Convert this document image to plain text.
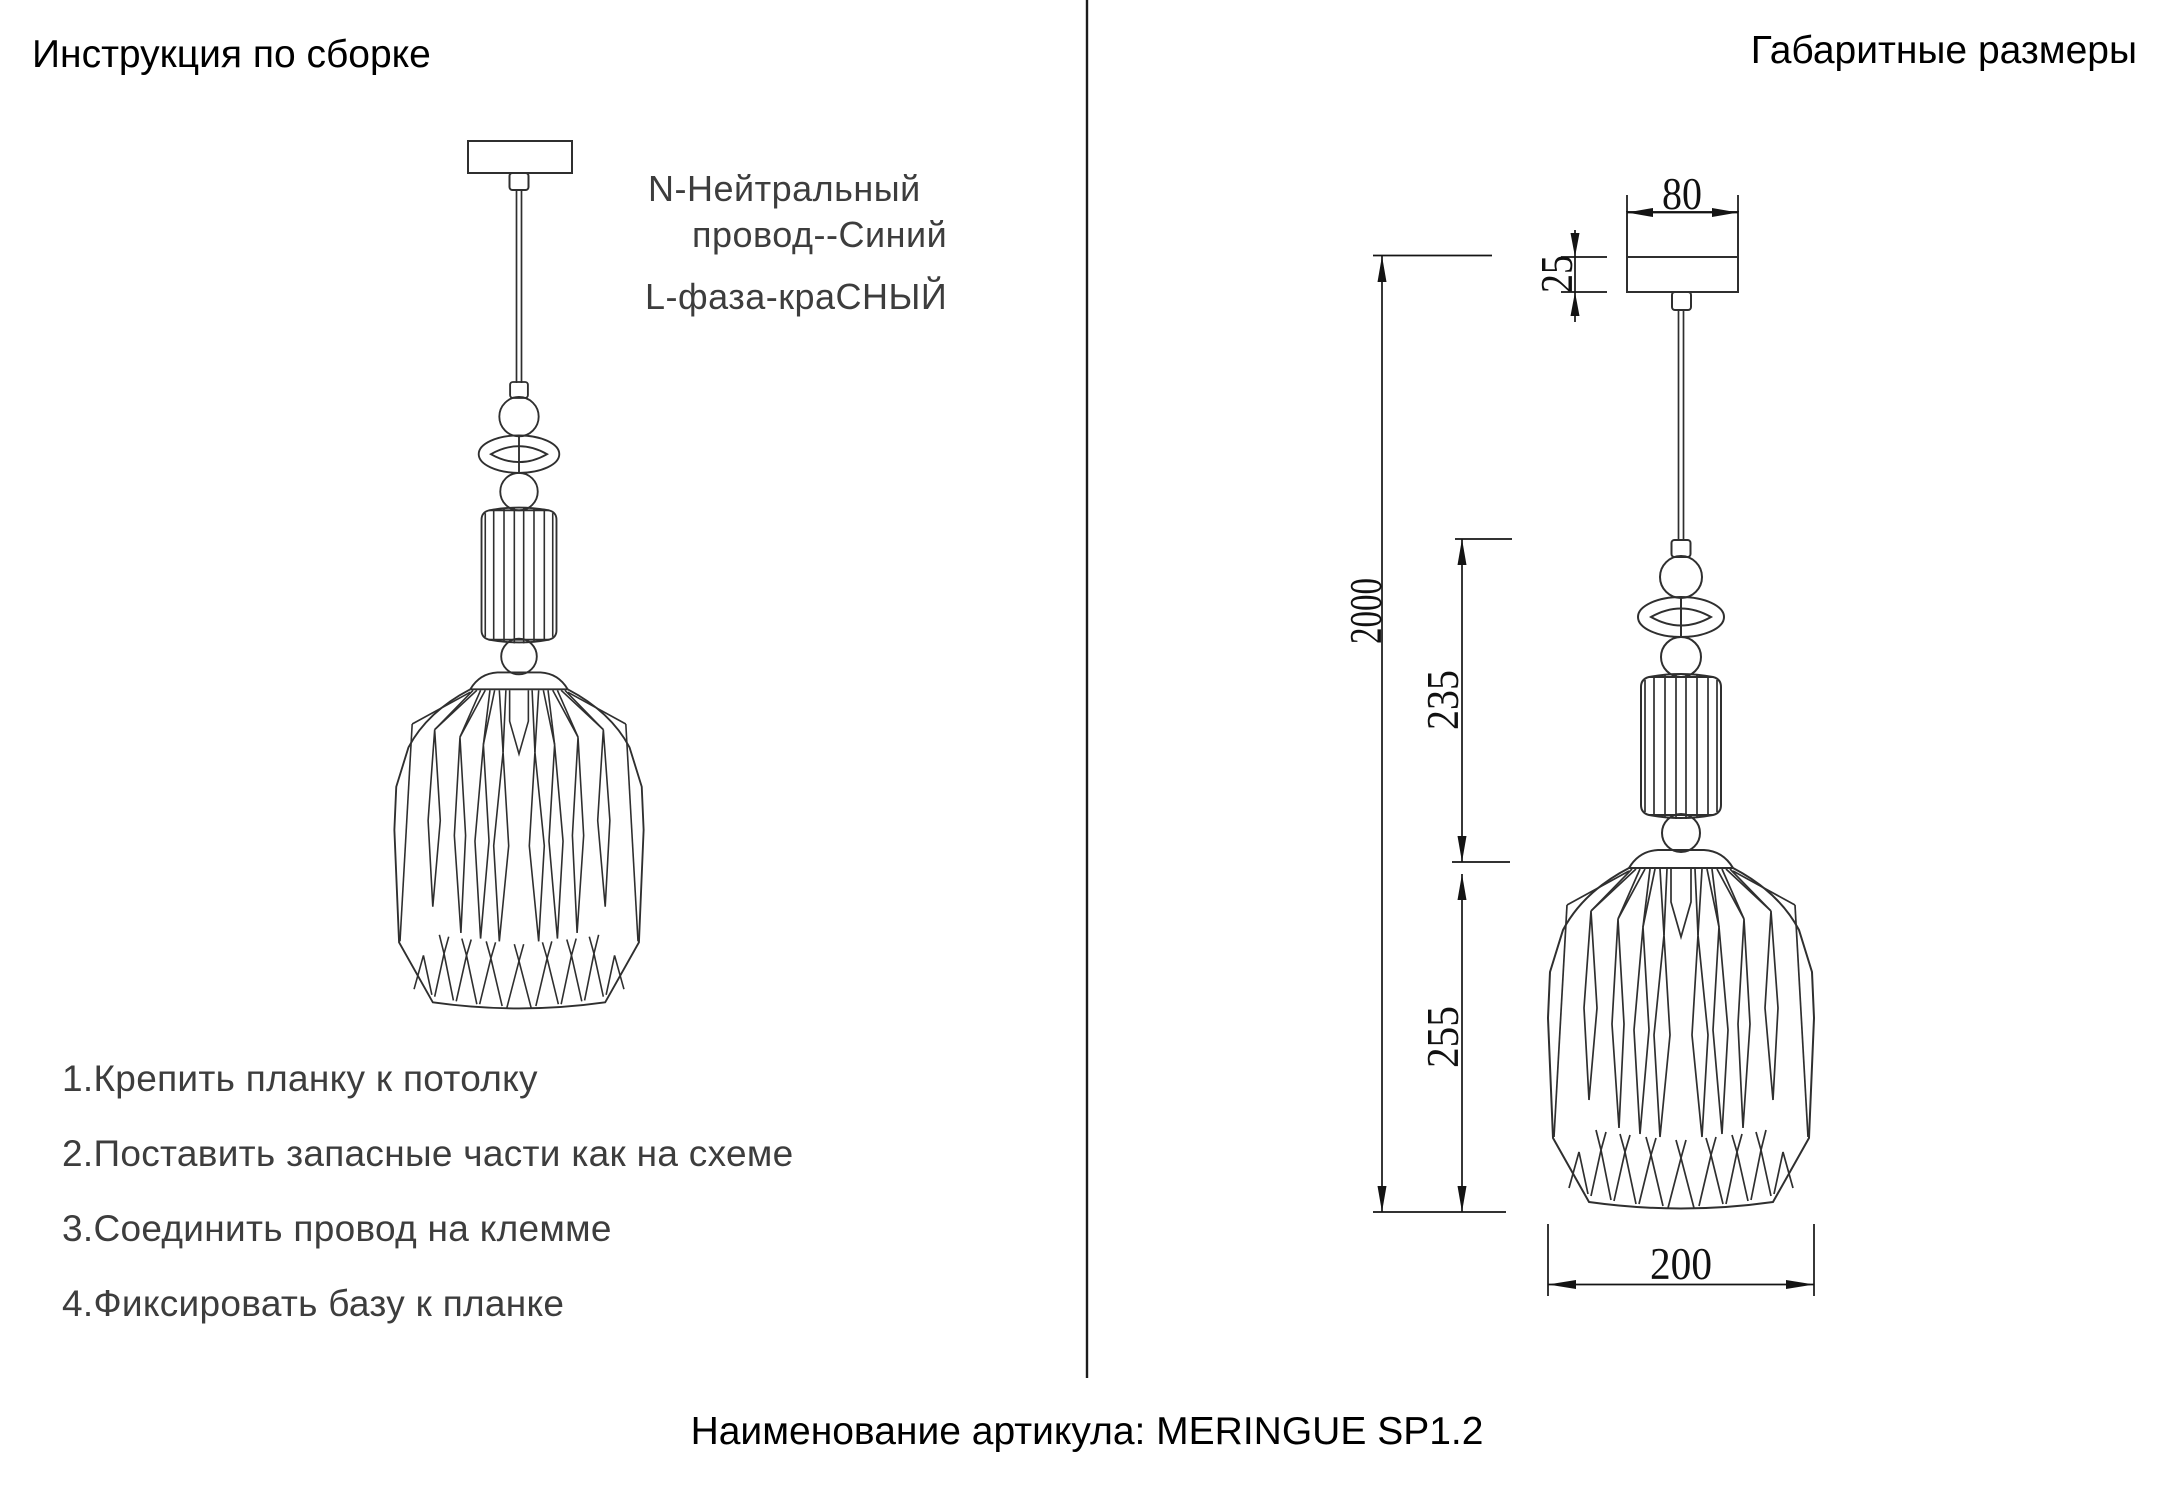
Инструкция по сборке	Габаритные размеры
N-Нейтральный
провод--Синий
L-фаза-краСНЫЙ
1.Крепить планку к потолку
2.Поставить запасные части как на схеме
3.Соединить провод на клемме
4.Фиксировать базу к планке
Наименование артикула: MERINGUE SP1.2
80
25
2000
235
255
200
